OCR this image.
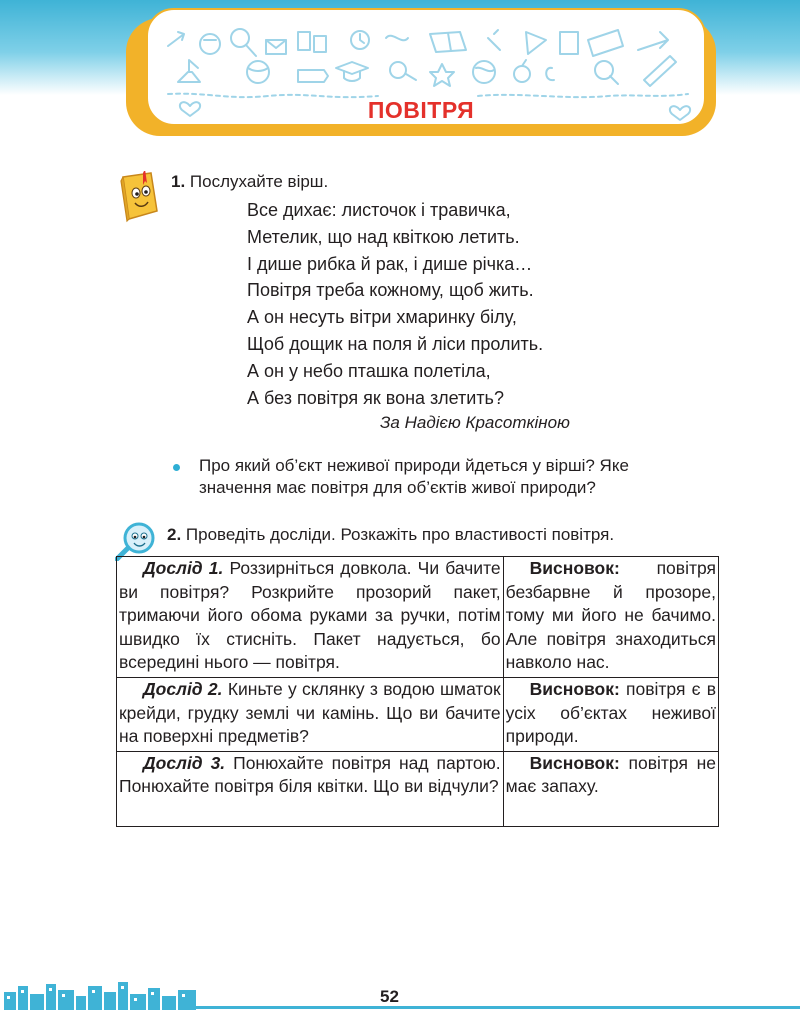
ПОВІТРЯ
1. Послухайте вірш.
Все дихає: листочок і травичка,
Метелик, що над квіткою летить.
І дише рибка й рак, і дише річка…
Повітря треба кожному, щоб жить.
А он несуть вітри хмаринку білу,
Щоб дощик на поля й ліси пролить.
А он у небо пташка полетіла,
А без повітря як вона злетить?
За Надією Красоткіною
Про який об’єкт неживої природи йдеться у вірші? Яке
значення має повітря для об’єктів живої природи?
2. Проведіть досліди. Розкажіть про властивості повітря.
Дослід 1. Роззирніться довкола. Чи бачите ви повітря? Розкрийте прозорий пакет, тримаючи його обома руками за ручки, потім швидко їх стисніть. Пакет надується, бо всередині нього — повітря.	Висновок: повітря безбарвне й прозоре, тому ми його не бачимо. Але повітря знаходиться навколо нас.
Дослід 2. Киньте у склянку з водою шматок крейди, грудку землі чи камінь. Що ви бачите на поверхні предметів?	Висновок: повітря є в усіх об’єктах неживої природи.
Дослід 3. Понюхайте повітря над партою. Понюхайте повітря біля квітки. Що ви відчули?	Висновок: повітря не має запаху.
52
